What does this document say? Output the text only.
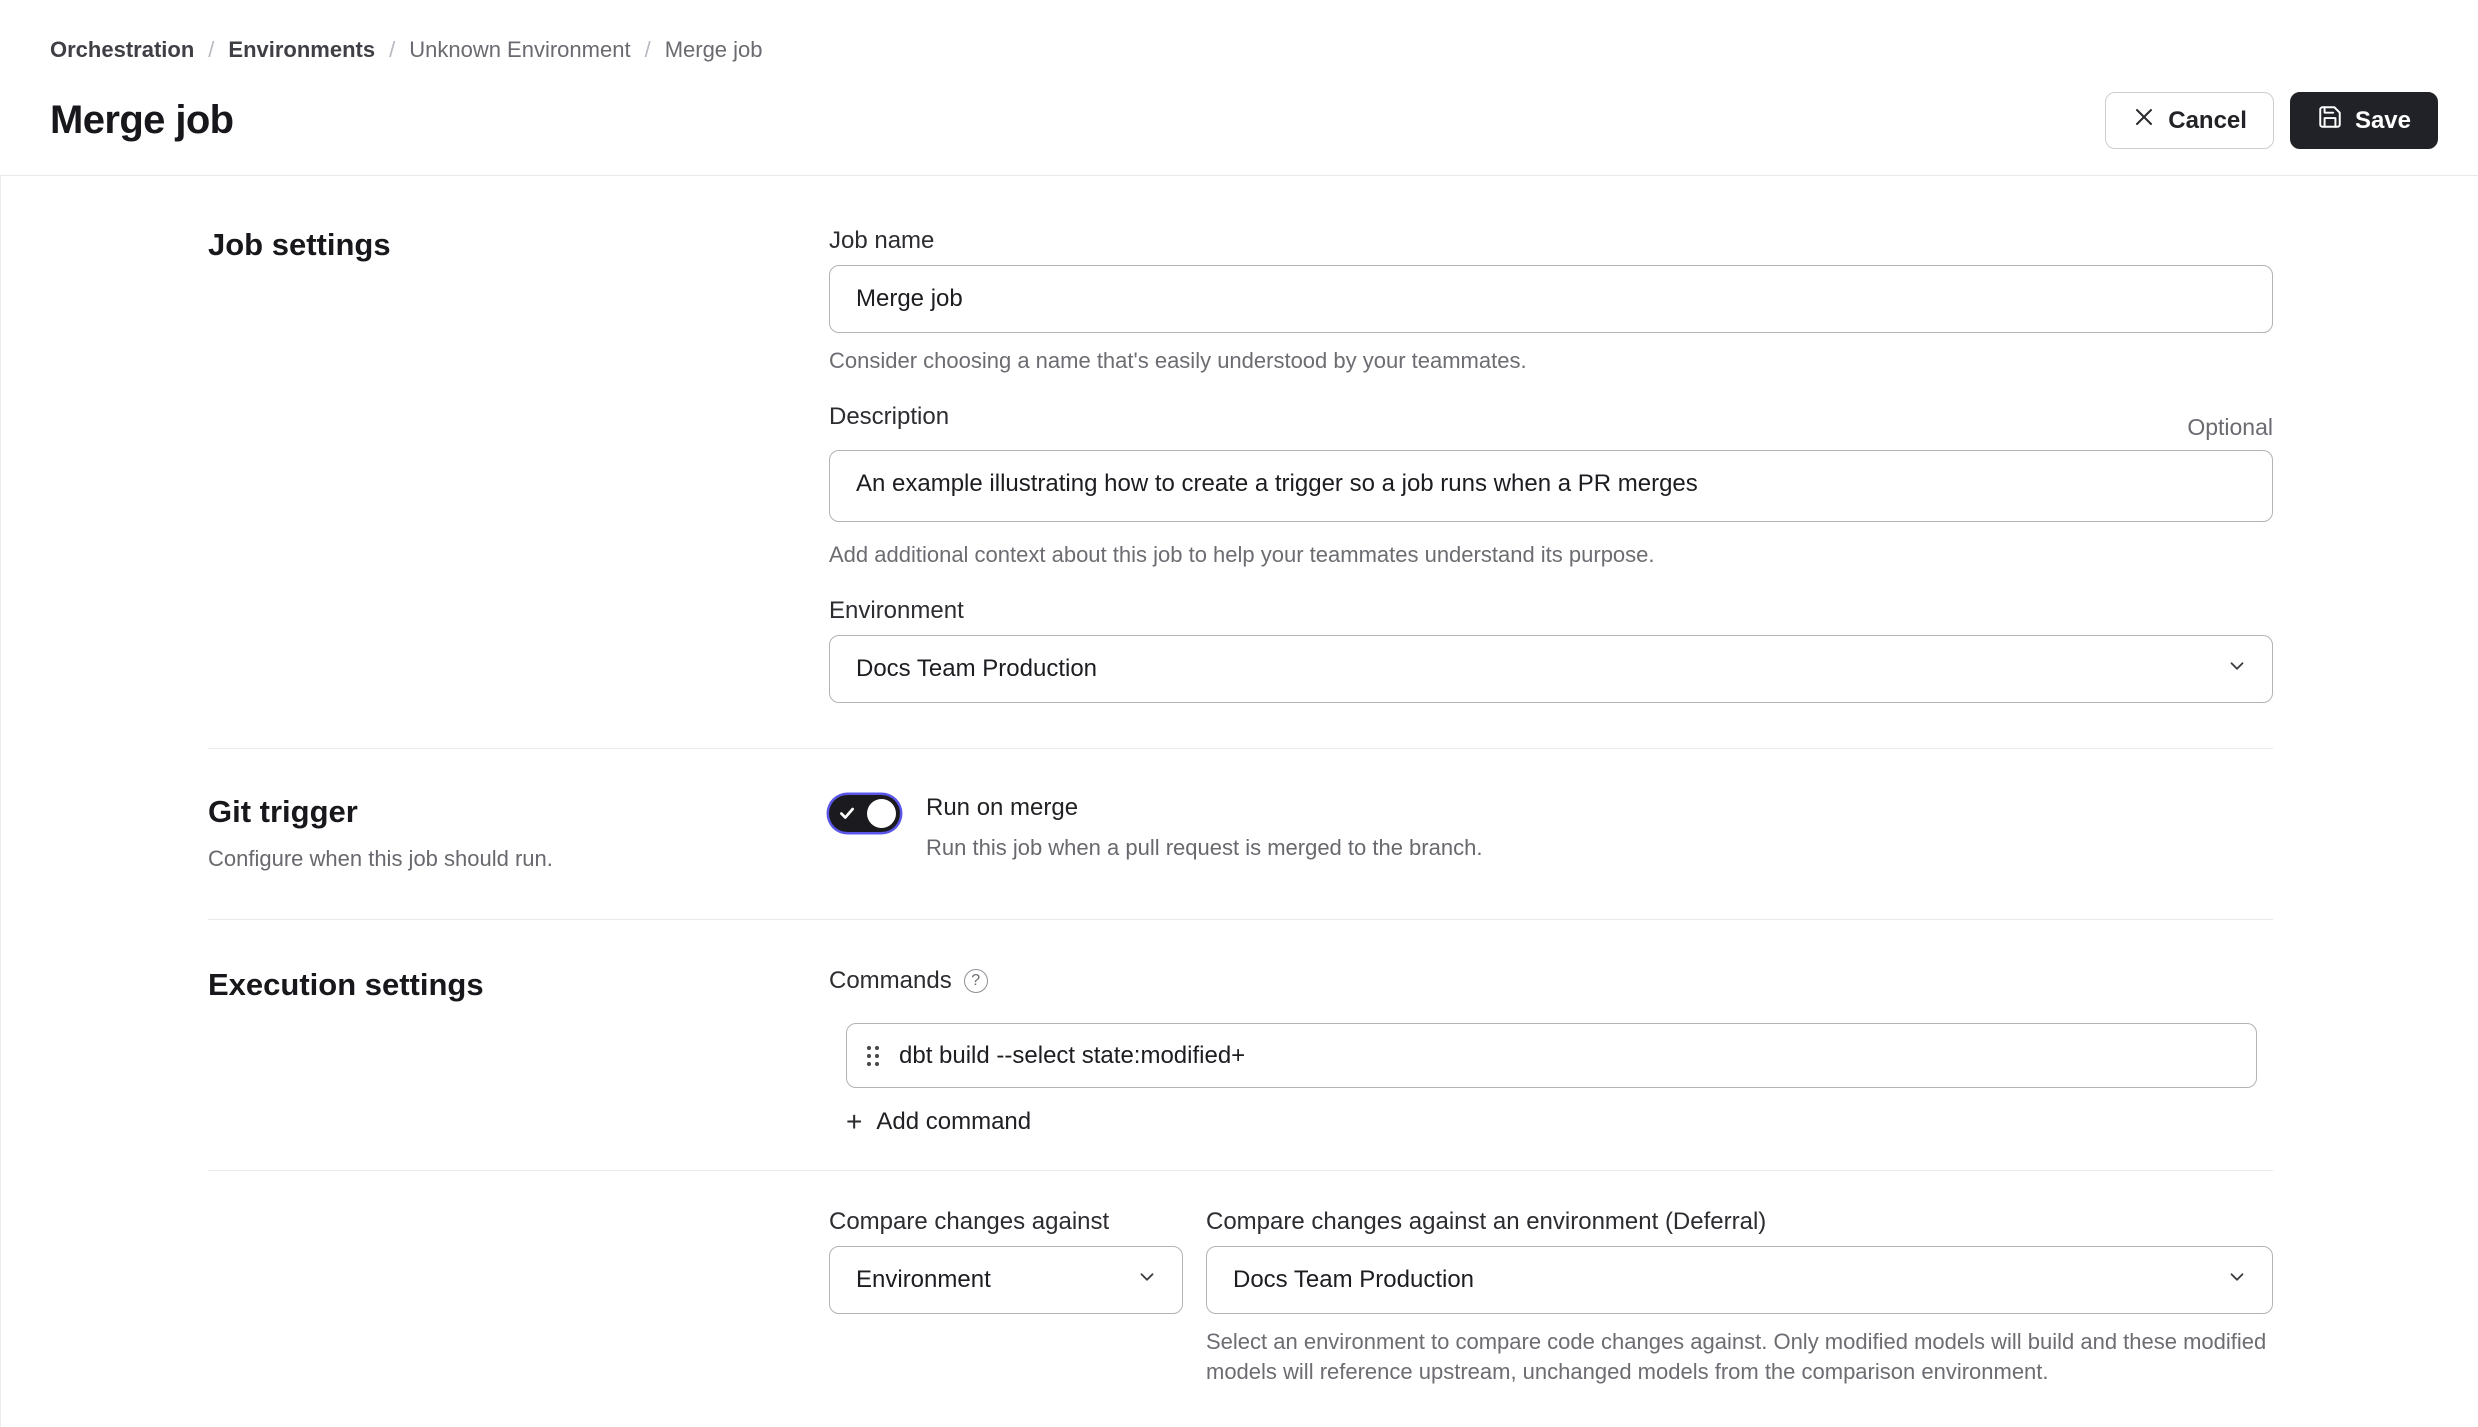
Orchestration / Environments / Unknown Environment / Merge job
Merge job	Cancel	Save
Job settings	Job name
Merge job
Consider choosing a name that's easily understood by your teammates.
Description	Optional
An example illustrating how to create a trigger so a job runs when a PR merges
Add additional context about this job to help your teammates understand its purpose.
Environment
Docs Team Production
Git trigger
Configure when this job should run.
Run on merge
Run this job when a pull request is merged to the branch.
Execution settings	Commands	?
dbt build --select state:modified+
+ Add command
Compare changes against
Environment
Compare changes against an environment (Deferral)
Docs Team Production
Select an environment to compare code changes against. Only modified models will build and these modified models will reference upstream, unchanged models from the comparison environment.
